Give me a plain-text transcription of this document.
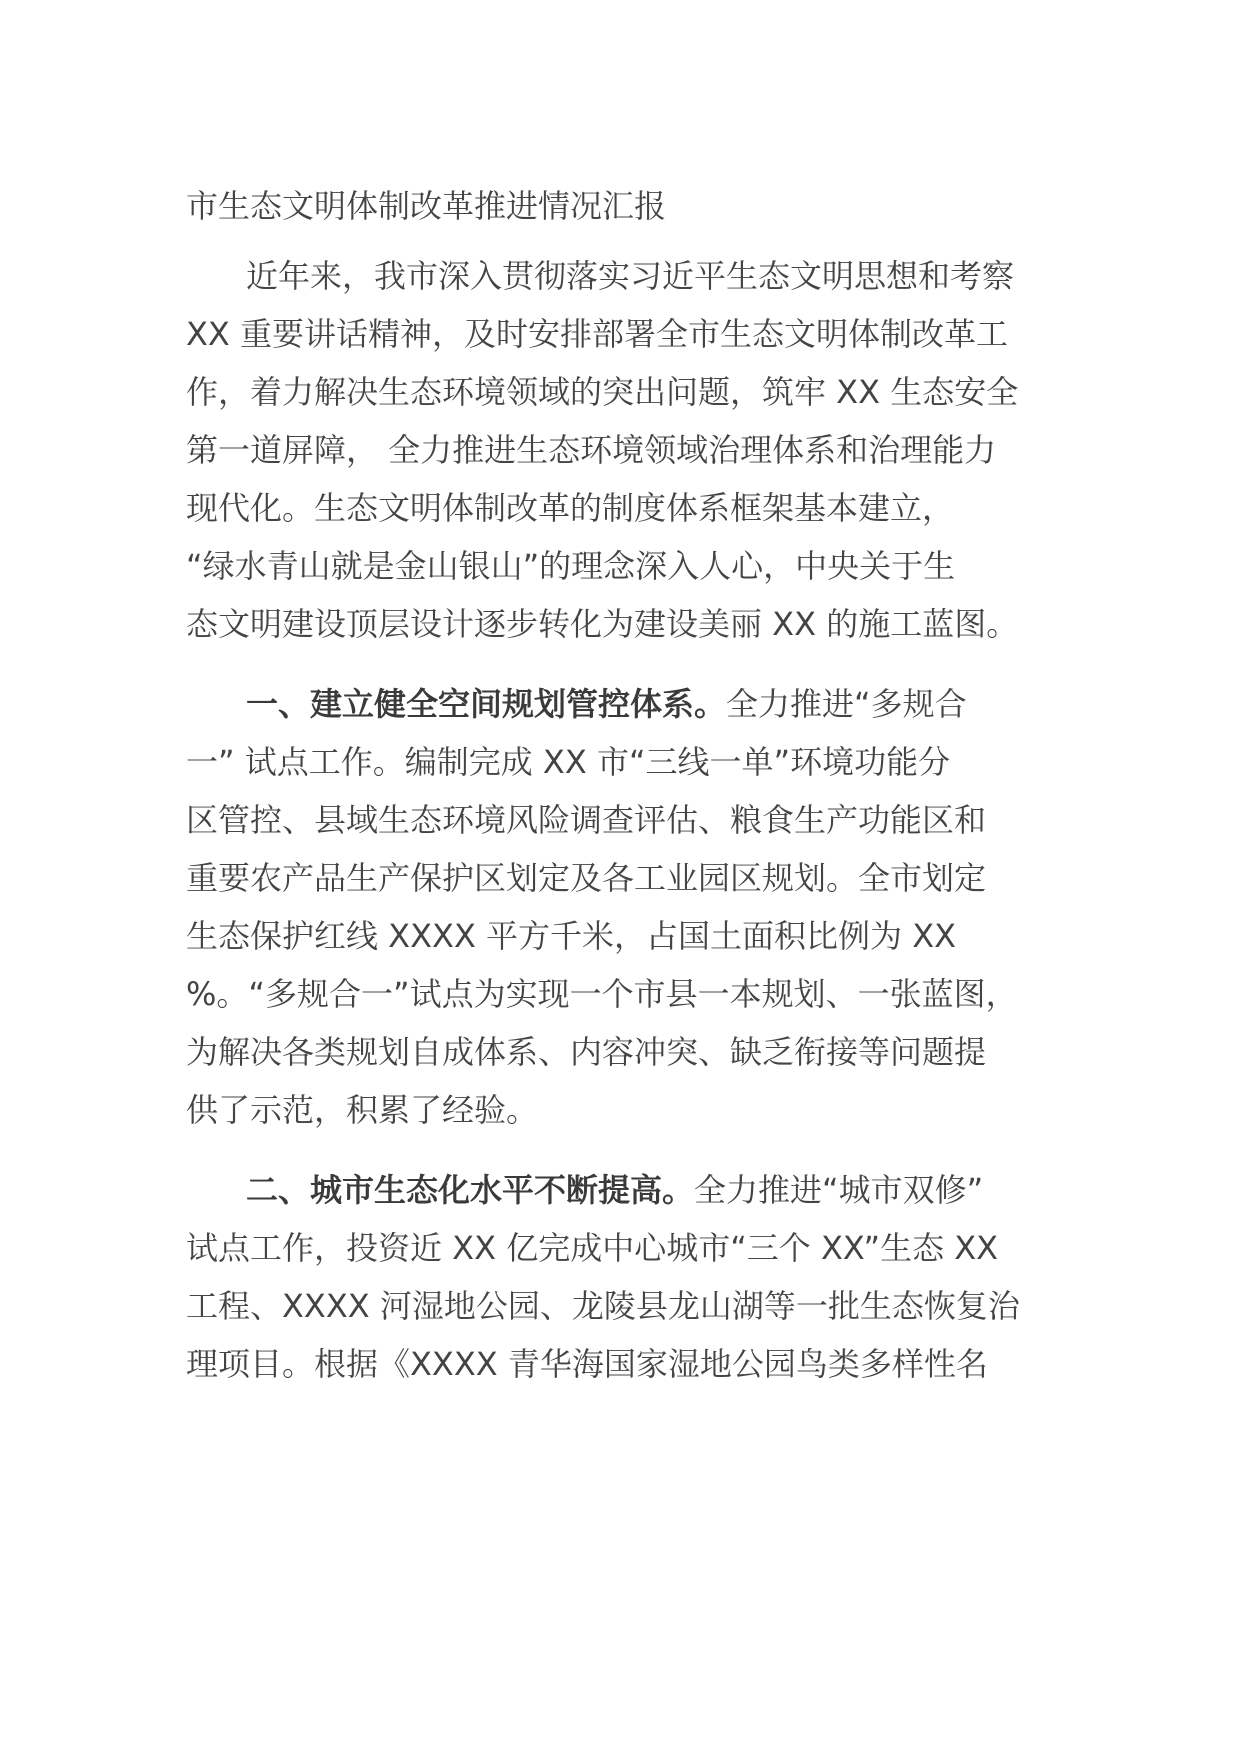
市生态文明体制改革推进情况汇报
近年来，我市深入贯彻落实习近平生态文明思想和考察
XX 重要讲话精神，及时安排部署全市生态文明体制改革工
作，着力解决生态环境领域的突出问题，筑牢 XX 生态安全
第一道屏障， 全力推进生态环境领域治理体系和治理能力
现代化。生态文明体制改革的制度体系框架基本建立，
“绿水青山就是金山银山”的理念深入人心，中央关于生
态文明建设顶层设计逐步转化为建设美丽 XX 的施工蓝图。
一、建立健全空间规划管控体系。全力推进“多规合
一” 试点工作。编制完成 XX 市“三线一单”环境功能分
区管控、县域生态环境风险调查评估、粮食生产功能区和
重要农产品生产保护区划定及各工业园区规划。全市划定
生态保护红线 XXXX 平方千米，占国土面积比例为 XX
%。“多规合一”试点为实现一个市县一本规划、一张蓝图，
为解决各类规划自成体系、内容冲突、缺乏衔接等问题提
供了示范，积累了经验。
二、城市生态化水平不断提高。全力推进“城市双修”
试点工作，投资近 XX 亿完成中心城市“三个 XX”生态 XX
工程、XXXX 河湿地公园、龙陵县龙山湖等一批生态恢复治
理项目。根据《XXXX 青华海国家湿地公园鸟类多样性名
